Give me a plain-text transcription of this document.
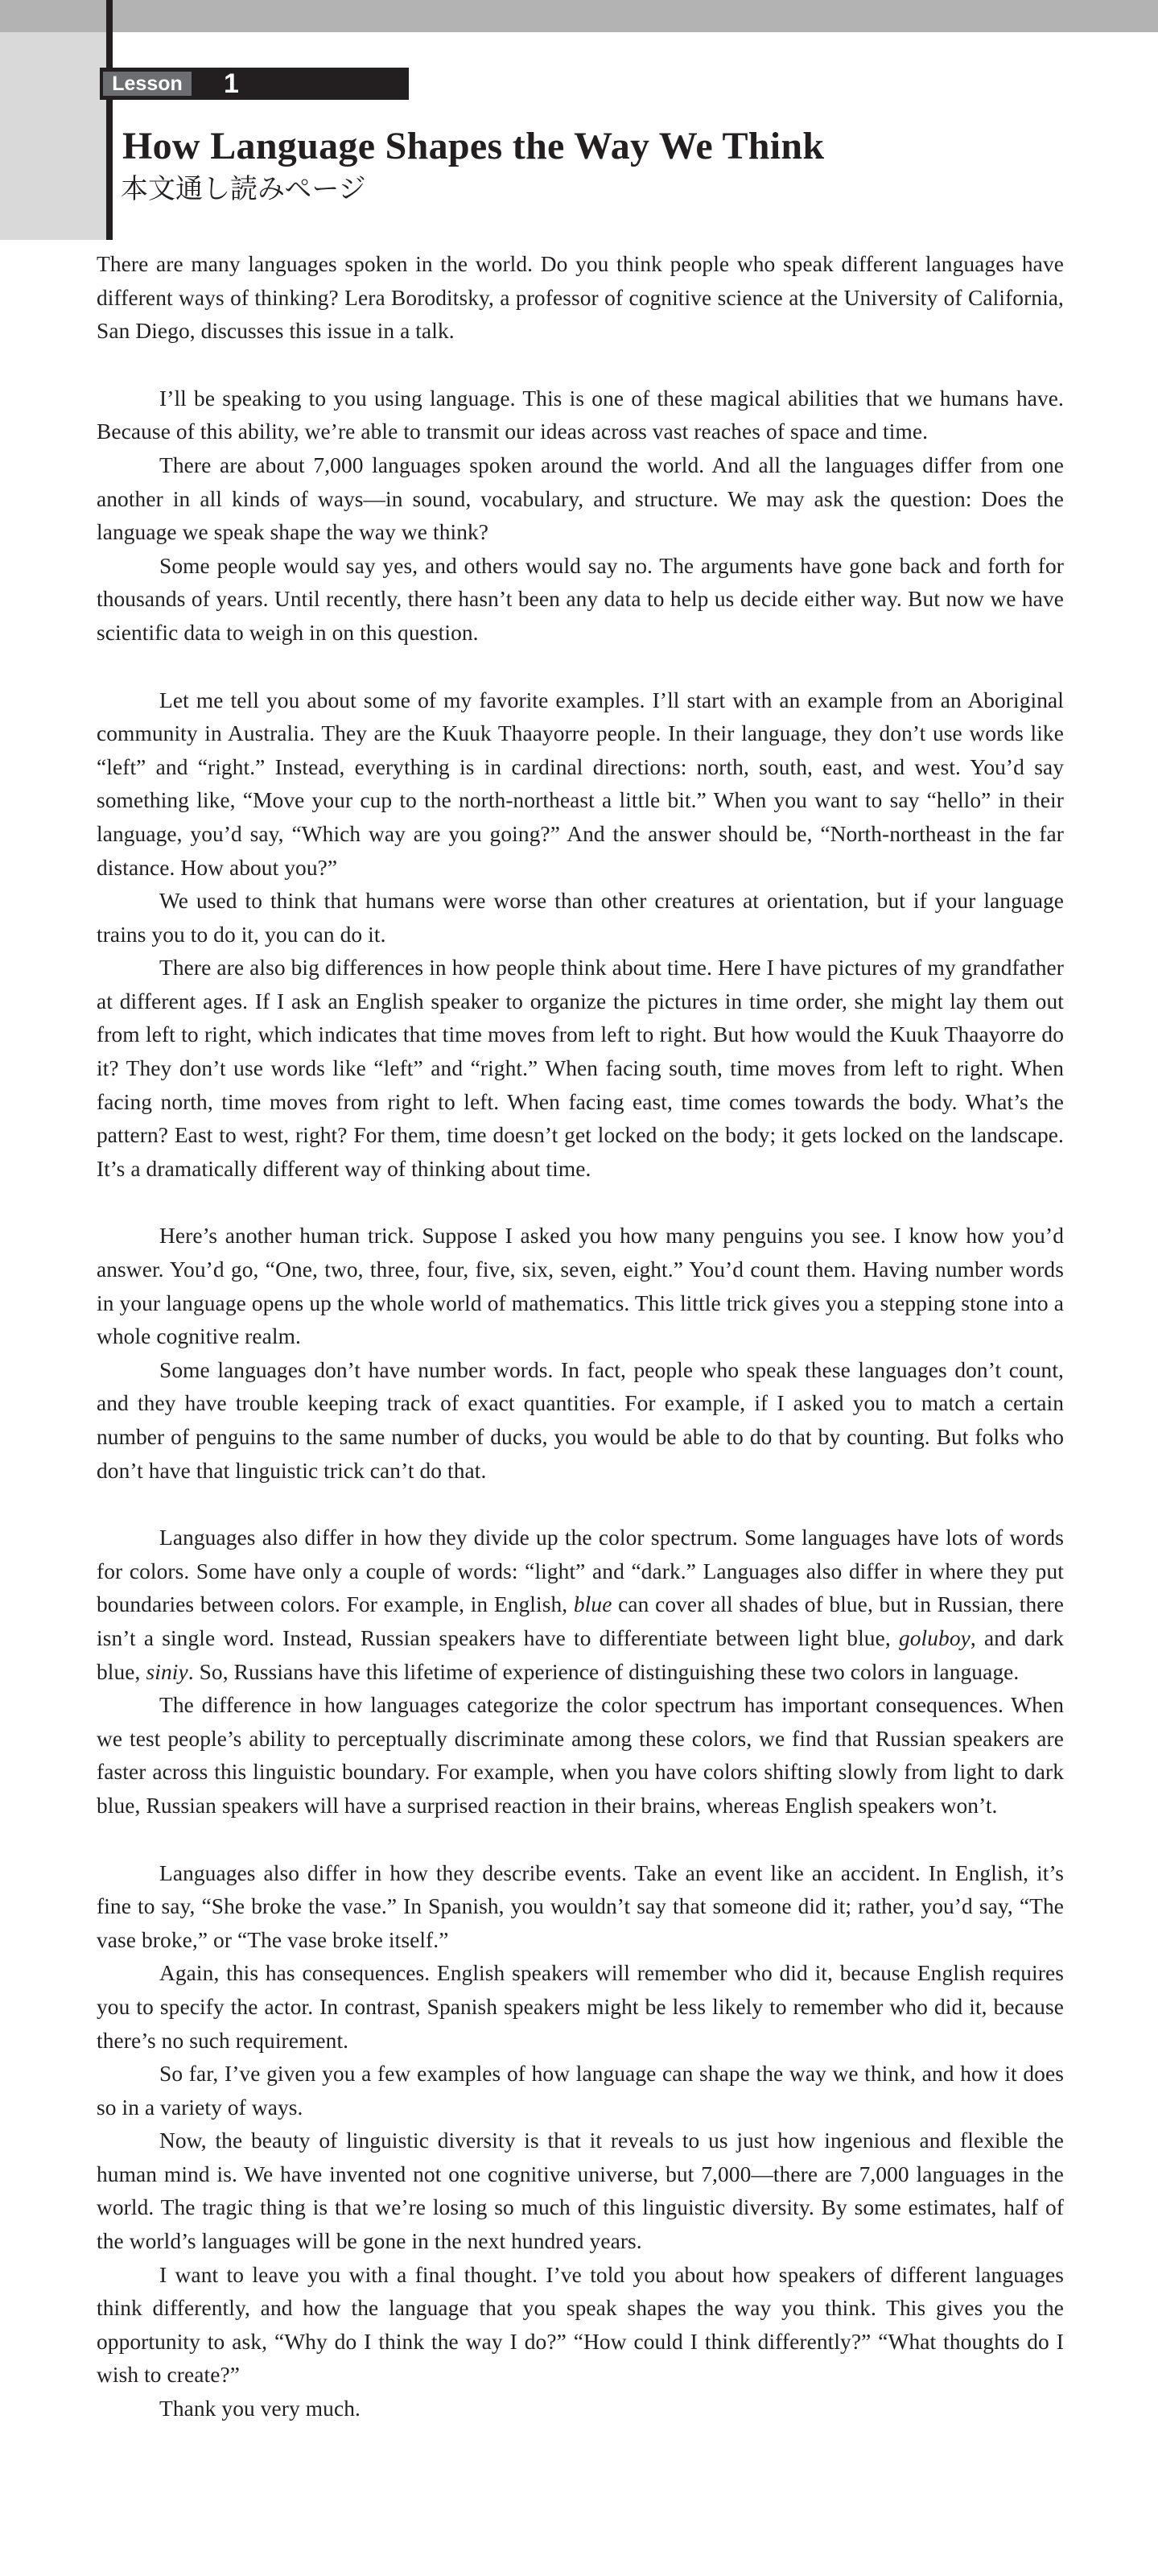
Lesson	1
How Language Shapes the Way We Think
本文通し読みページ

There are many languages spoken in the world. Do you think people who speak different languages have different ways of thinking? Lera Boroditsky, a professor of cognitive science at the University of California, San Diego, discusses this issue in a talk.

I’ll be speaking to you using language. This is one of these magical abilities that we humans have. Because of this ability, we’re able to transmit our ideas across vast reaches of space and time.

There are about 7,000 languages spoken around the world. And all the languages differ from one another in all kinds of ways—in sound, vocabulary, and structure. We may ask the question: Does the language we speak shape the way we think?

Some people would say yes, and others would say no. The arguments have gone back and forth for thousands of years. Until recently, there hasn’t been any data to help us decide either way. But now we have scientific data to weigh in on this question.

Let me tell you about some of my favorite examples. I’ll start with an example from an Aboriginal community in Australia. They are the Kuuk Thaayorre people. In their language, they don’t use words like “left” and “right.” Instead, everything is in cardinal directions: north, south, east, and west. You’d say something like, “Move your cup to the north-northeast a little bit.” When you want to say “hello” in their language, you’d say, “Which way are you going?” And the answer should be, “North-northeast in the far distance. How about you?”

We used to think that humans were worse than other creatures at orientation, but if your language trains you to do it, you can do it.

There are also big differences in how people think about time. Here I have pictures of my grandfather at different ages. If I ask an English speaker to organize the pictures in time order, she might lay them out from left to right, which indicates that time moves from left to right. But how would the Kuuk Thaayorre do it? They don’t use words like “left” and “right.” When facing south, time moves from left to right. When facing north, time moves from right to left. When facing east, time comes towards the body. What’s the pattern? East to west, right? For them, time doesn’t get locked on the body; it gets locked on the landscape. It’s a dramatically different way of thinking about time.

Here’s another human trick. Suppose I asked you how many penguins you see. I know how you’d answer. You’d go, “One, two, three, four, five, six, seven, eight.” You’d count them. Having number words in your language opens up the whole world of mathematics. This little trick gives you a stepping stone into a whole cognitive realm.

Some languages don’t have number words. In fact, people who speak these languages don’t count, and they have trouble keeping track of exact quantities. For example, if I asked you to match a certain number of penguins to the same number of ducks, you would be able to do that by counting. But folks who don’t have that linguistic trick can’t do that.

Languages also differ in how they divide up the color spectrum. Some languages have lots of words for colors. Some have only a couple of words: “light” and “dark.” Languages also differ in where they put boundaries between colors. For example, in English, blue can cover all shades of blue, but in Russian, there isn’t a single word. Instead, Russian speakers have to differentiate between light blue, goluboy, and dark blue, siniy. So, Russians have this lifetime of experience of distinguishing these two colors in language.

The difference in how languages categorize the color spectrum has important consequences. When we test people’s ability to perceptually discriminate among these colors, we find that Russian speakers are faster across this linguistic boundary. For example, when you have colors shifting slowly from light to dark blue, Russian speakers will have a surprised reaction in their brains, whereas English speakers won’t.

Languages also differ in how they describe events. Take an event like an accident. In English, it’s fine to say, “She broke the vase.” In Spanish, you wouldn’t say that someone did it; rather, you’d say, “The vase broke,” or “The vase broke itself.”

Again, this has consequences. English speakers will remember who did it, because English requires you to specify the actor. In contrast, Spanish speakers might be less likely to remember who did it, because there’s no such requirement.

So far, I’ve given you a few examples of how language can shape the way we think, and how it does so in a variety of ways.

Now, the beauty of linguistic diversity is that it reveals to us just how ingenious and flexible the human mind is. We have invented not one cognitive universe, but 7,000—there are 7,000 languages in the world. The tragic thing is that we’re losing so much of this linguistic diversity. By some estimates, half of the world’s languages will be gone in the next hundred years.

I want to leave you with a final thought. I’ve told you about how speakers of different languages think differently, and how the language that you speak shapes the way you think. This gives you the opportunity to ask, “Why do I think the way I do?” “How could I think differently?” “What thoughts do I wish to create?”

Thank you very much.
